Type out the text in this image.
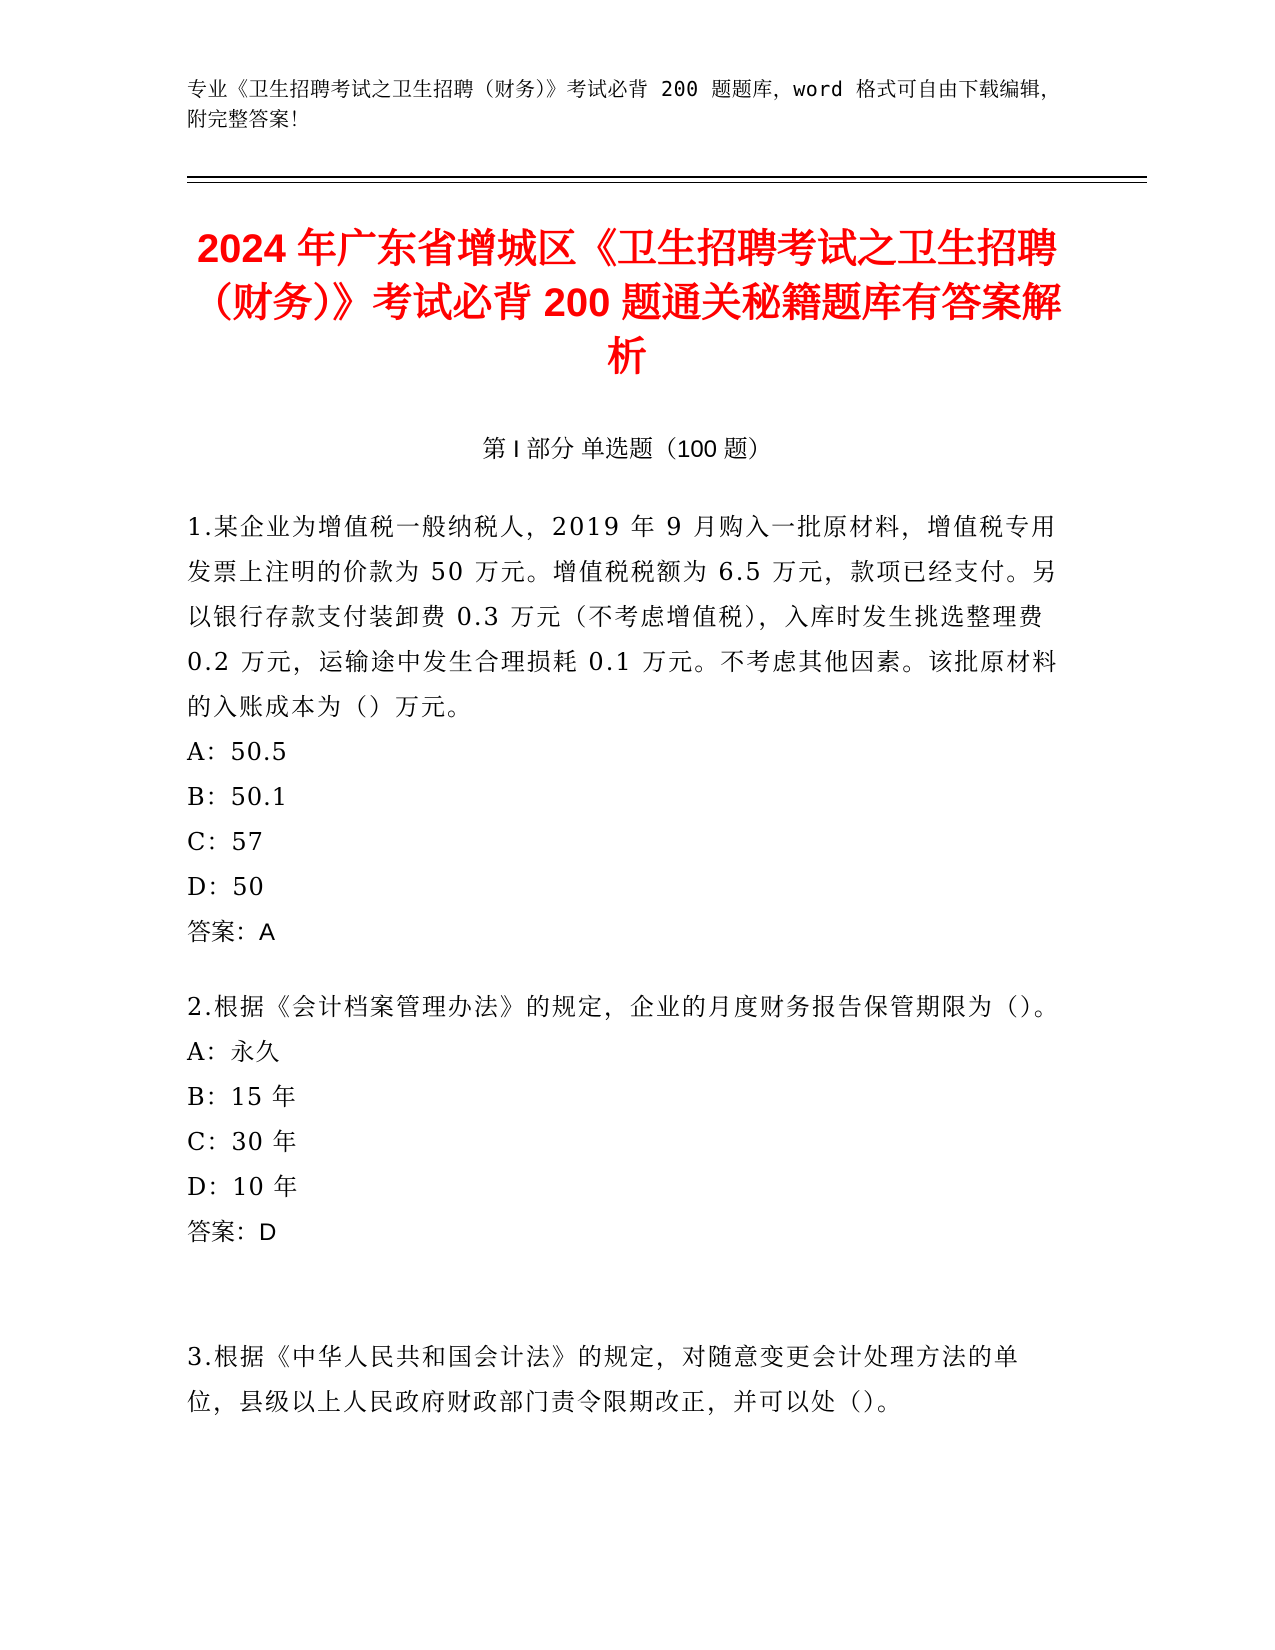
专业《卫生招聘考试之卫生招聘（财务）》考试必背 200 题题库，word 格式可自由下载编辑，附完整答案！
2024 年广东省增城区《卫生招聘考试之卫生招聘（财务）》考试必背 200 题通关秘籍题库有答案解析
第 I 部分 单选题（100 题）
1.某企业为增值税一般纳税人，2019 年 9 月购入一批原材料，增值税专用发票上注明的价款为 50 万元。增值税税额为 6.5 万元，款项已经支付。另以银行存款支付装卸费 0.3 万元（不考虑增值税），入库时发生挑选整理费 0.2 万元，运输途中发生合理损耗 0.1 万元。不考虑其他因素。该批原材料的入账成本为（）万元。
A：50.5
B：50.1
C：57
D：50
答案：A
2.根据《会计档案管理办法》的规定，企业的月度财务报告保管期限为（）。
A：永久
B：15 年
C：30 年
D：10 年
答案：D
3.根据《中华人民共和国会计法》的规定，对随意变更会计处理方法的单位，县级以上人民政府财政部门责令限期改正，并可以处（）。
